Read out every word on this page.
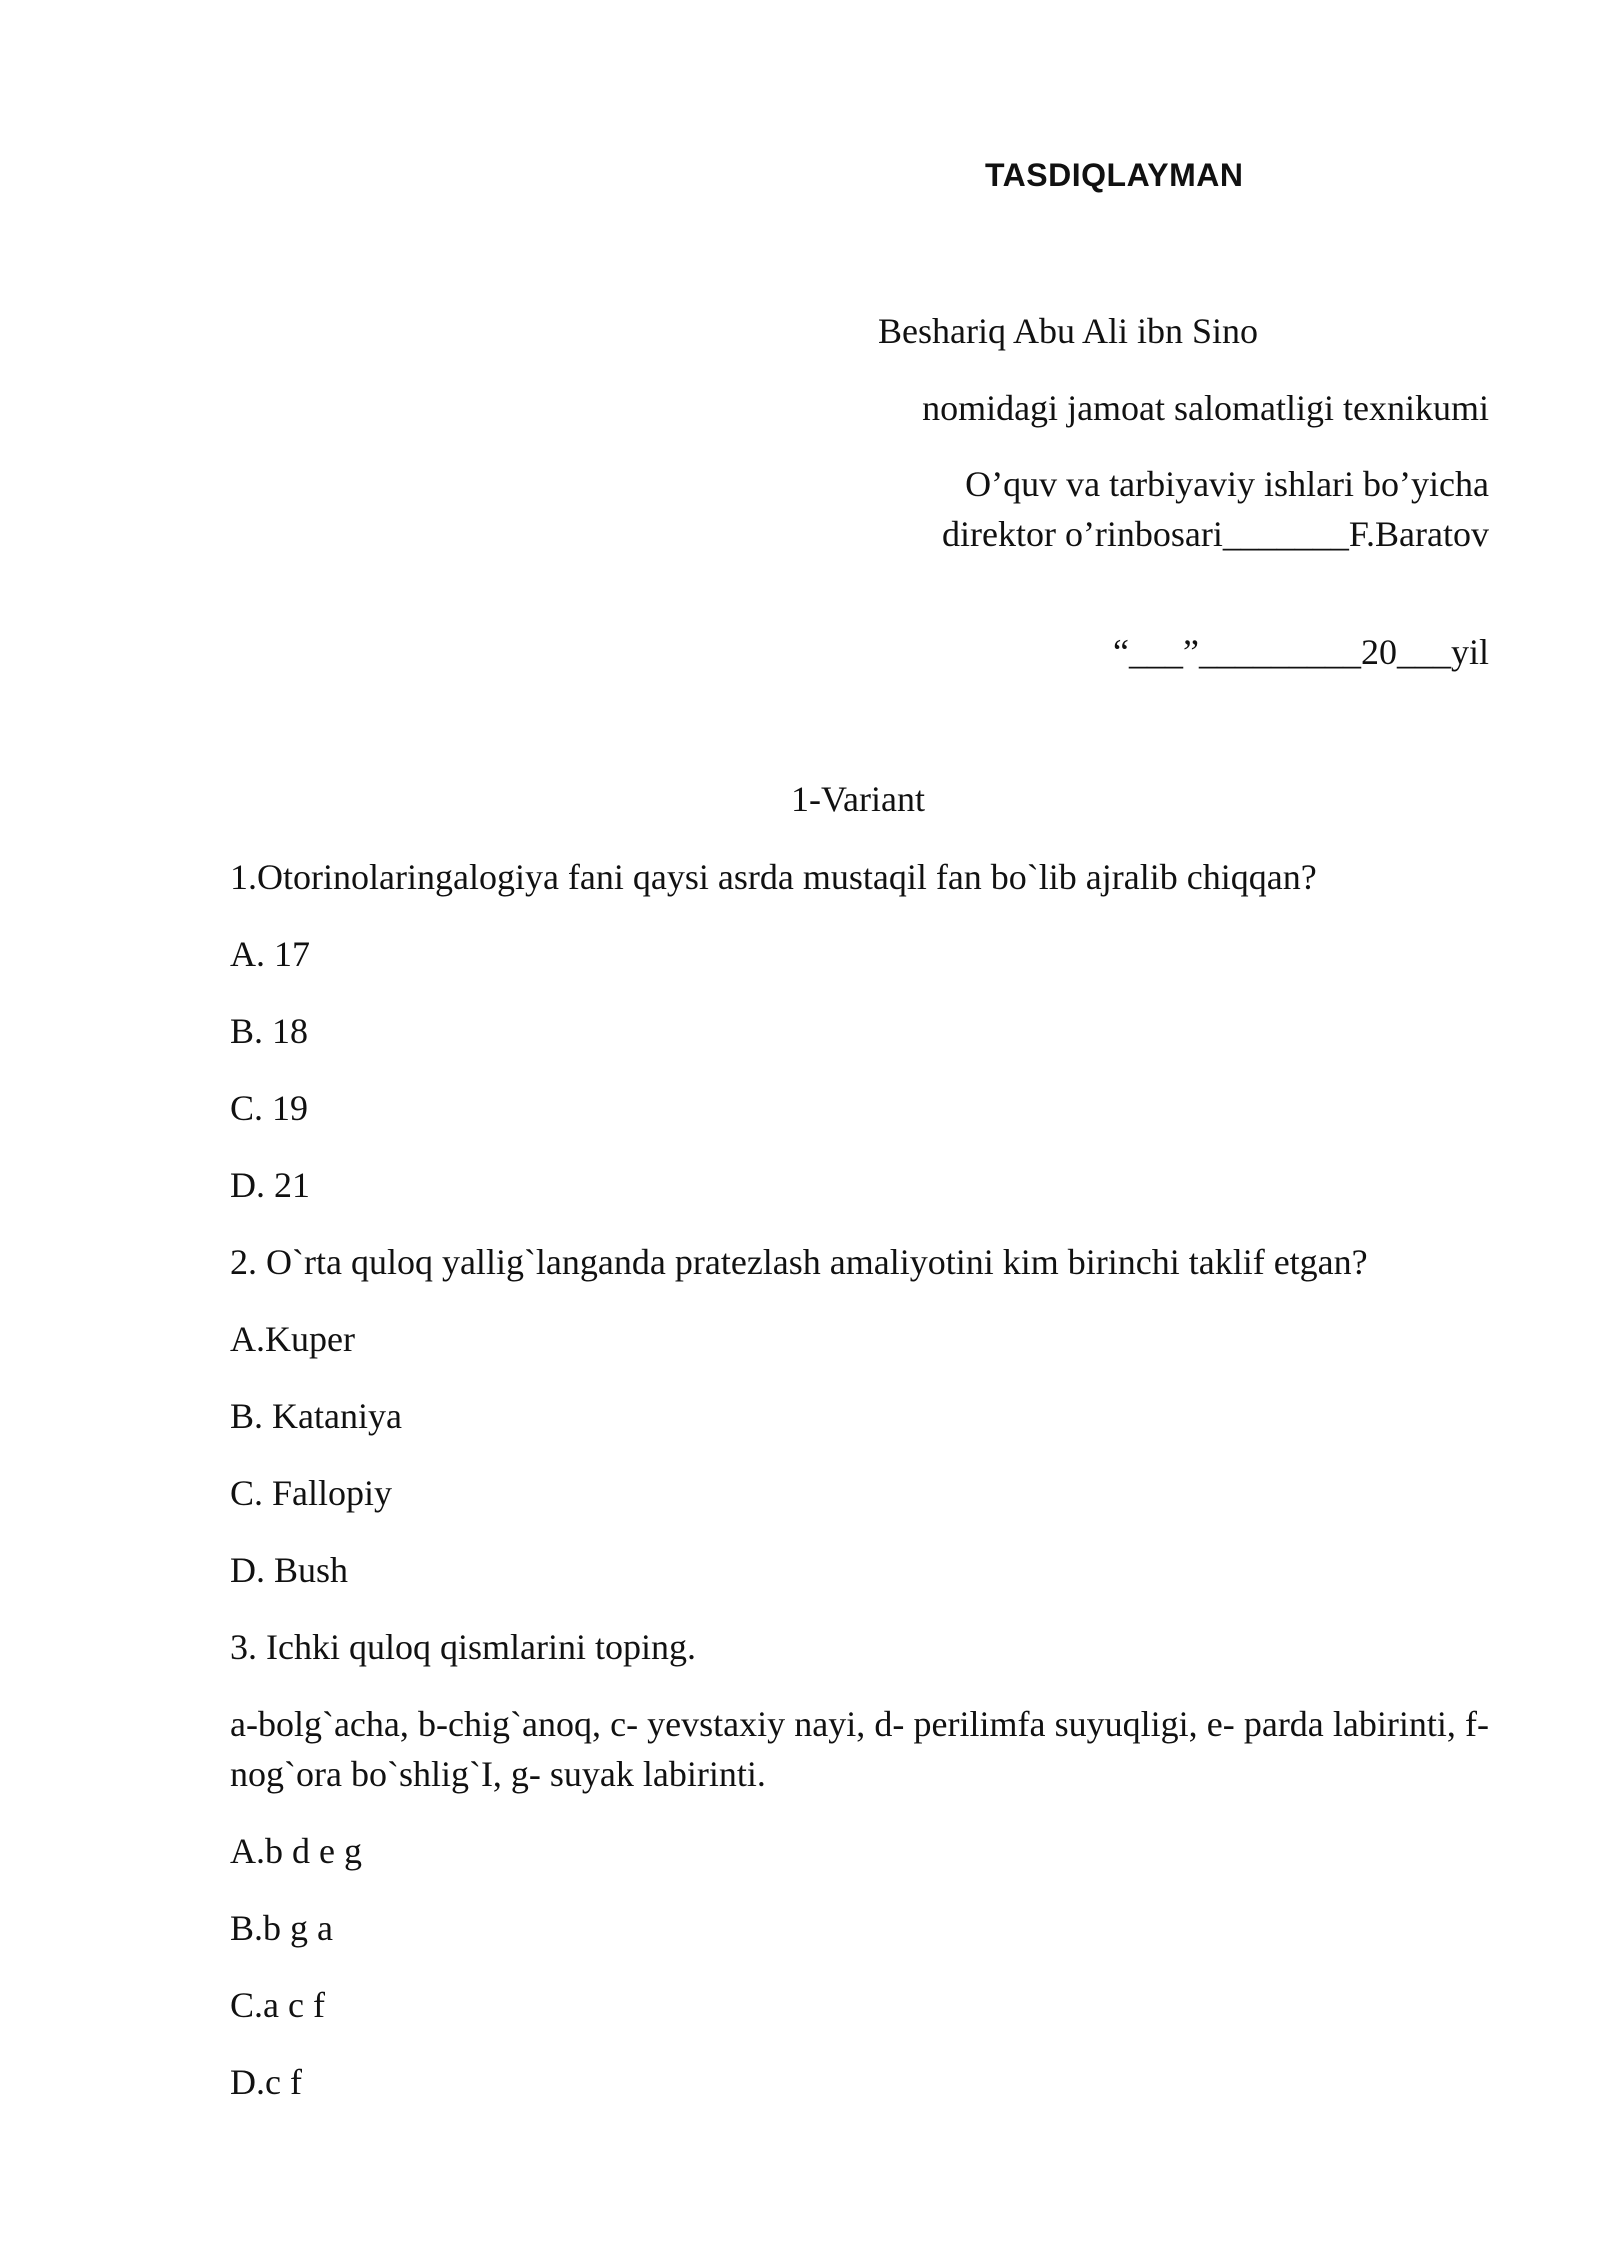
TASDIQLAYMAN
Beshariq Abu Ali ibn Sino
nomidagi jamoat salomatligi texnikumi
O’quv va tarbiyaviy ishlari bo’yicha
direktor o’rinbosari_______F.Baratov
“___”_________20___yil
1-Variant
1.Otorinolaringalogiya fani qaysi asrda mustaqil fan bo`lib ajralib chiqqan?
A. 17
B. 18
C. 19
D. 21
2. O`rta quloq yallig`langanda pratezlash amaliyotini kim birinchi taklif etgan?
A.Kuper
B. Kataniya
C. Fallopiy
D. Bush
3. Ichki quloq qismlarini toping.
a-bolg`acha, b-chig`anoq, c- yevstaxiy nayi, d- perilimfa suyuqligi, e- parda labirinti, f- nog`ora bo`shlig`I, g- suyak labirinti.
A.b d e g
B.b g a
C.a c f
D.c f
